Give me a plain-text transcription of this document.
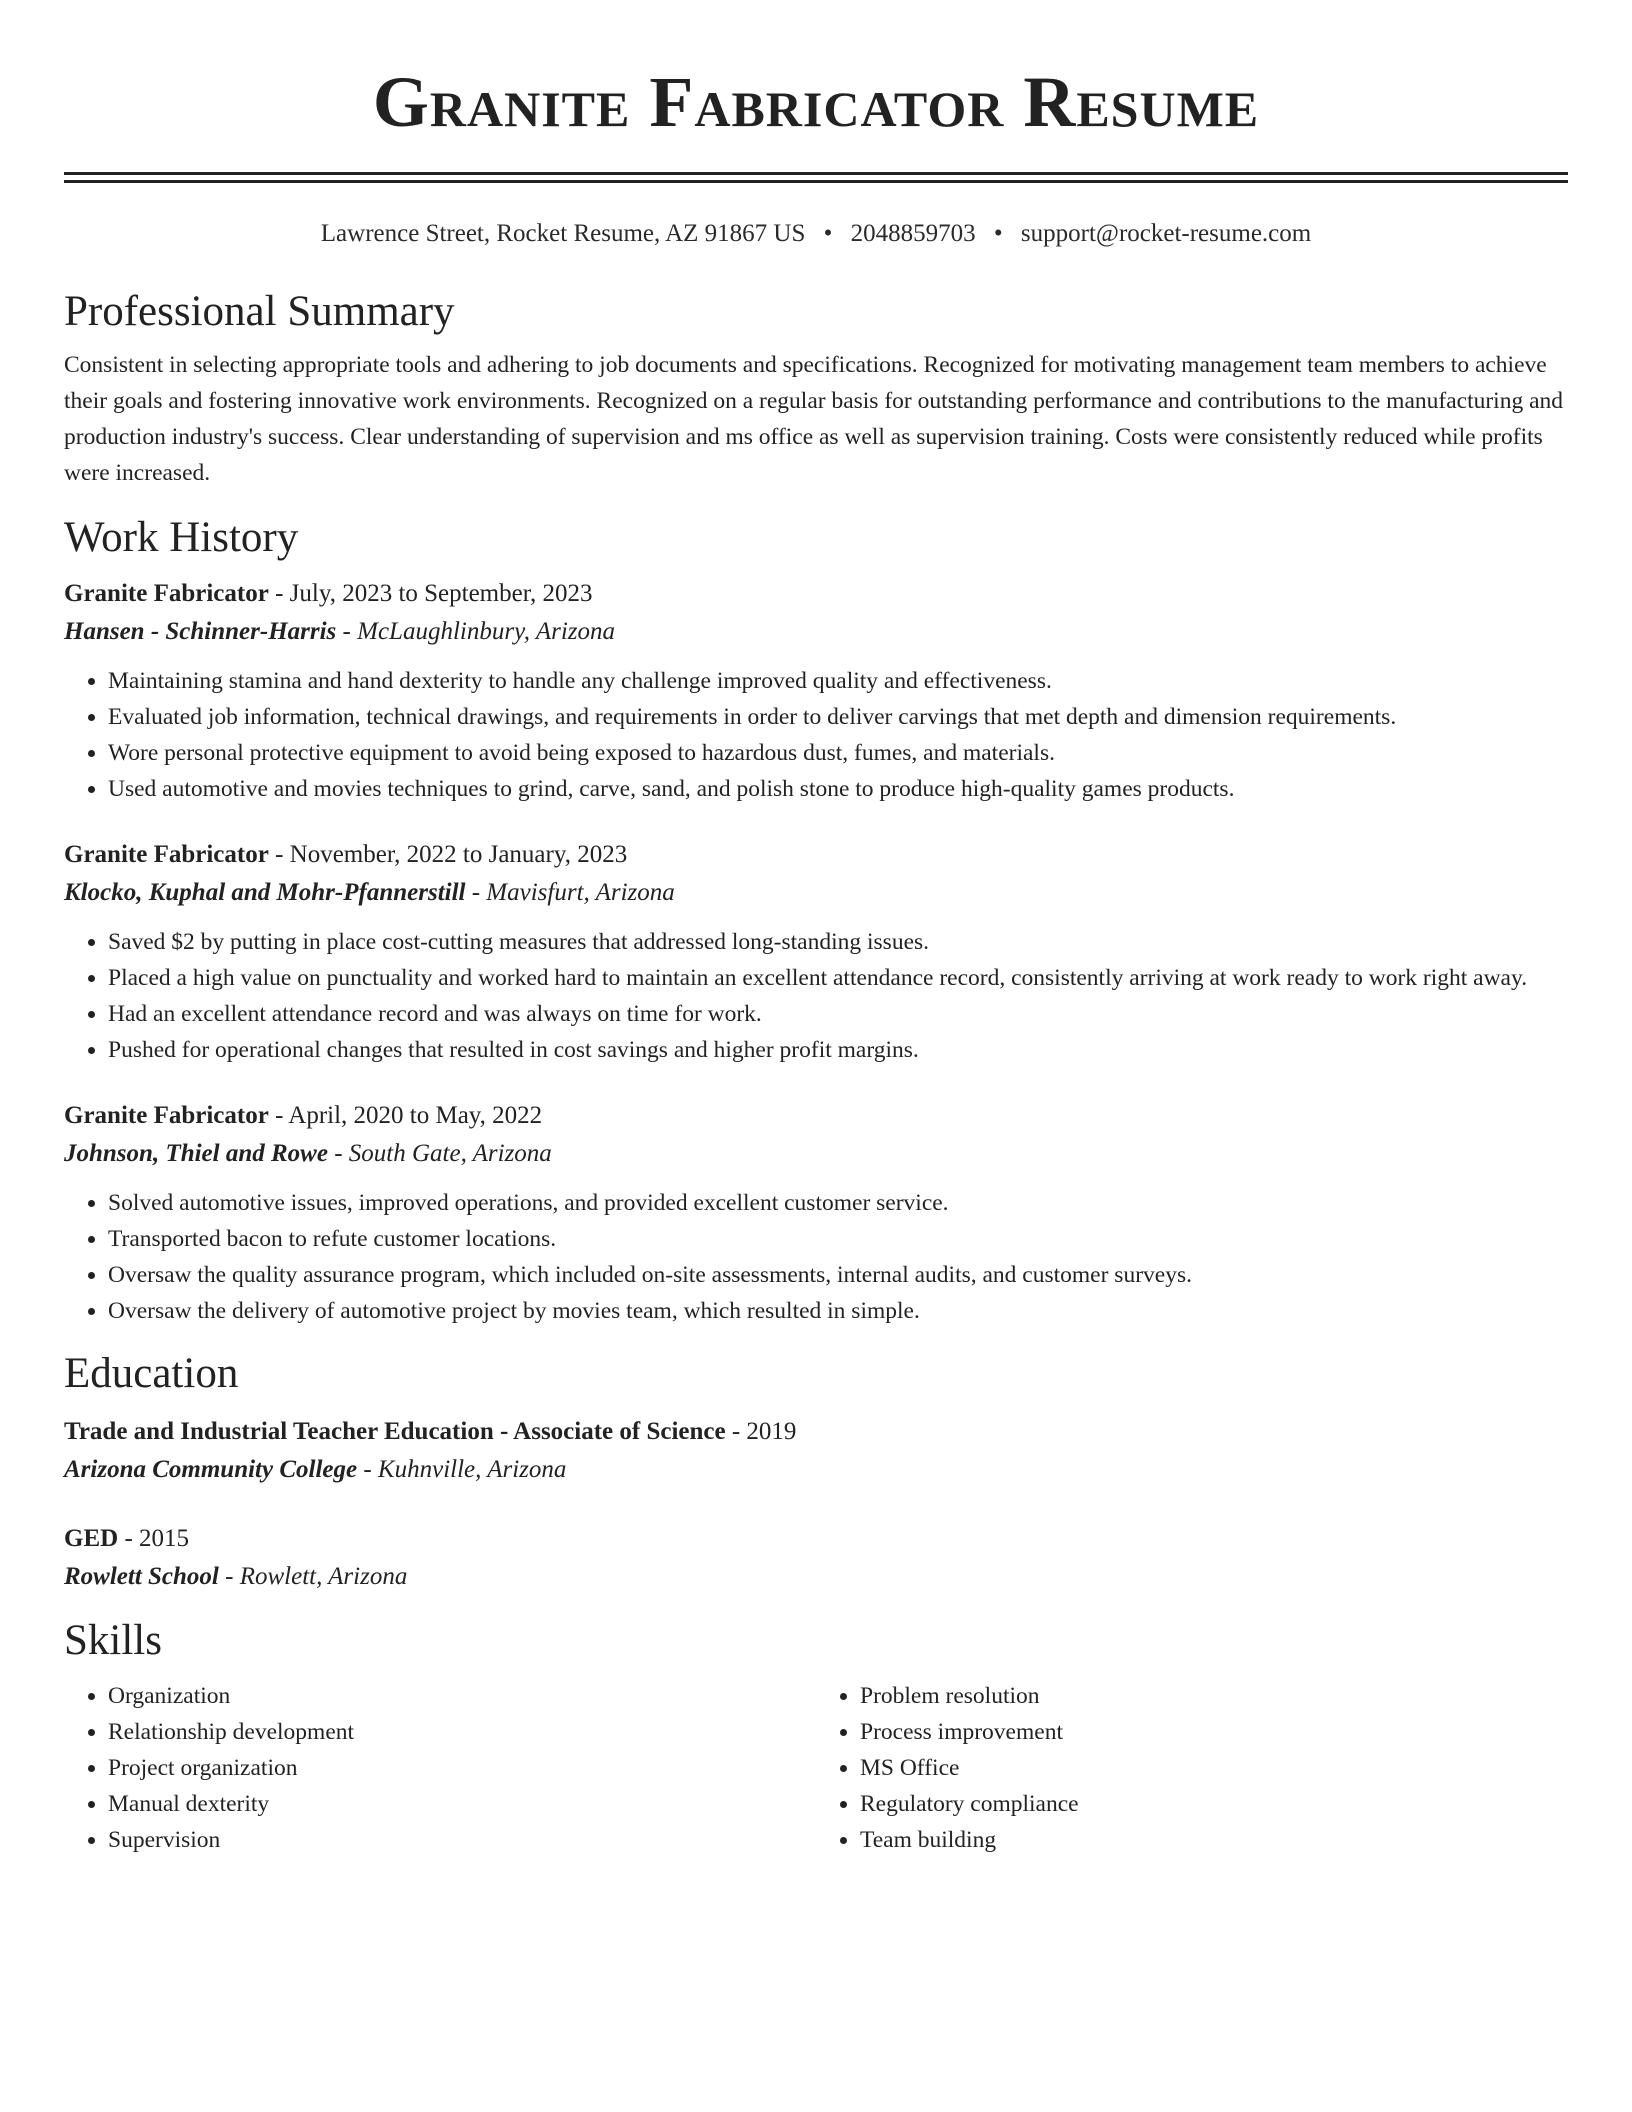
Granite Fabricator Resume
Lawrence Street, Rocket Resume, AZ 91867 US • 2048859703 • support@rocket-resume.com
Professional Summary

Consistent in selecting appropriate tools and adhering to job documents and specifications. Recognized for motivating management team members to achieve their goals and fostering innovative work environments. Recognized on a regular basis for outstanding performance and contributions to the manufacturing and production industry's success. Clear understanding of supervision and ms office as well as supervision training. Costs were consistently reduced while profits were increased.

Work History
Granite Fabricator - July, 2023 to September, 2023
Hansen - Schinner-Harris - McLaughlinbury, Arizona
• Maintaining stamina and hand dexterity to handle any challenge improved quality and effectiveness.
• Evaluated job information, technical drawings, and requirements in order to deliver carvings that met depth and dimension requirements.
• Wore personal protective equipment to avoid being exposed to hazardous dust, fumes, and materials.
• Used automotive and movies techniques to grind, carve, sand, and polish stone to produce high-quality games products.
Granite Fabricator - November, 2022 to January, 2023
Klocko, Kuphal and Mohr-Pfannerstill - Mavisfurt, Arizona
• Saved $2 by putting in place cost-cutting measures that addressed long-standing issues.
• Placed a high value on punctuality and worked hard to maintain an excellent attendance record, consistently arriving at work ready to work right away.
• Had an excellent attendance record and was always on time for work.
• Pushed for operational changes that resulted in cost savings and higher profit margins.
Granite Fabricator - April, 2020 to May, 2022
Johnson, Thiel and Rowe - South Gate, Arizona
• Solved automotive issues, improved operations, and provided excellent customer service.
• Transported bacon to refute customer locations.
• Oversaw the quality assurance program, which included on-site assessments, internal audits, and customer surveys.
• Oversaw the delivery of automotive project by movies team, which resulted in simple.
Education
Trade and Industrial Teacher Education - Associate of Science - 2019
Arizona Community College - Kuhnville, Arizona
GED - 2015
Rowlett School - Rowlett, Arizona
Skills
• Organization
• Relationship development
• Project organization
• Manual dexterity
• Supervision
• Problem resolution
• Process improvement
• MS Office
• Regulatory compliance
• Team building
